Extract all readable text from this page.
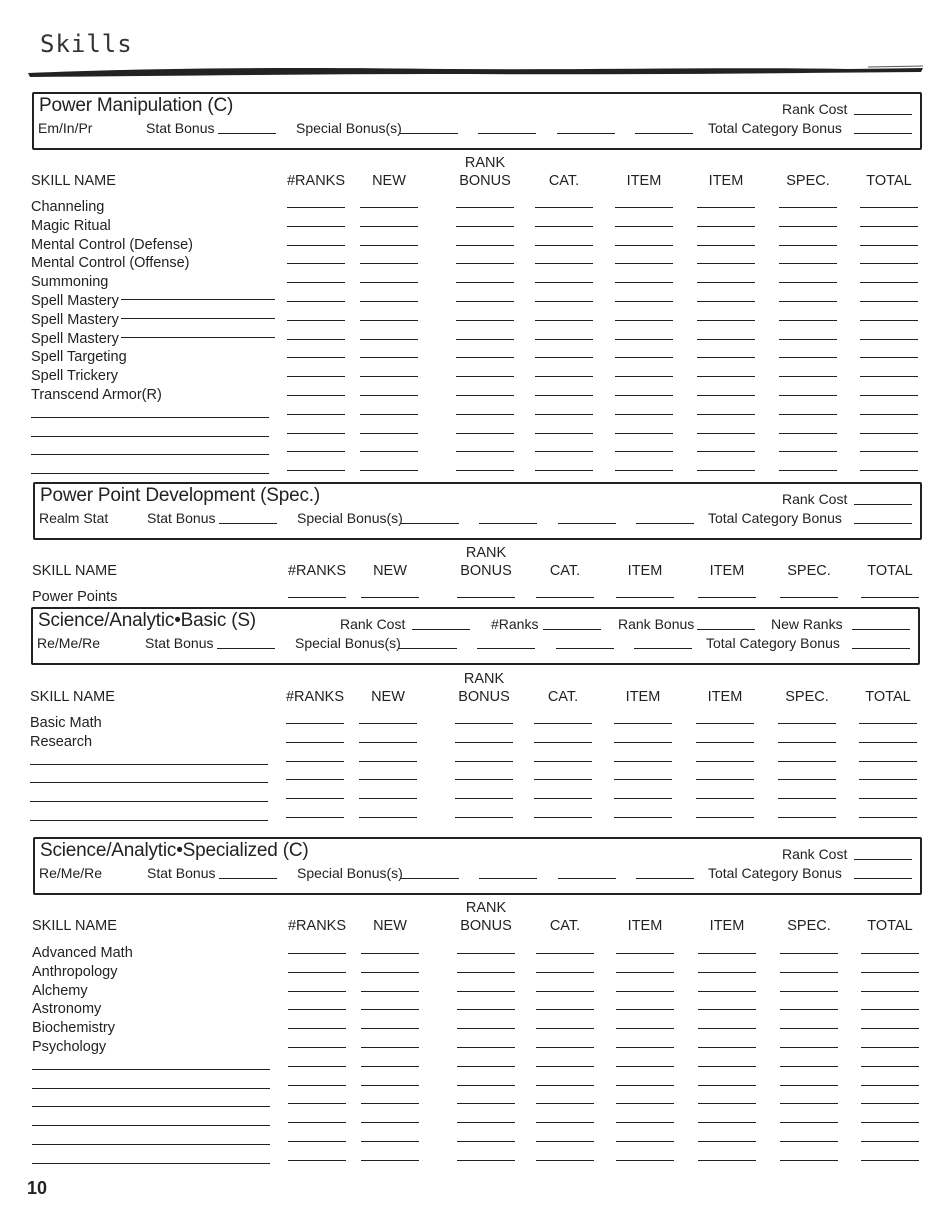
Skills
Power Manipulation (C)	Rank Cost
Em/In/Pr	Stat Bonus	Special Bonus(s)	Total Category Bonus
SKILL NAME	#RANKS	NEW
RANK
BONUS	CAT.	ITEM	ITEM	SPEC.	TOTAL
Channeling
Magic Ritual
Mental Control (Defense)
Mental Control (Offense)
Summoning
Spell Mastery
Spell Mastery
Spell Mastery
Spell Targeting
Spell Trickery
Transcend Armor(R)
Power Point Development (Spec.)	Rank Cost
Realm Stat	Stat Bonus	Special Bonus(s)	Total Category Bonus
SKILL NAME	#RANKS	NEW
RANK
BONUS	CAT.	ITEM	ITEM	SPEC.	TOTAL
Power Points
Science/Analytic•Basic (S)	Rank Cost	#Ranks	Rank Bonus	New Ranks
Re/Me/Re	Stat Bonus	Special Bonus(s)	Total Category Bonus
SKILL NAME	#RANKS	NEW
RANK
BONUS	CAT.	ITEM	ITEM	SPEC.	TOTAL
Basic Math
Research
Science/Analytic•Specialized (C)	Rank Cost
Re/Me/Re	Stat Bonus	Special Bonus(s)	Total Category Bonus
SKILL NAME	#RANKS	NEW
RANK
BONUS	CAT.	ITEM	ITEM	SPEC.	TOTAL
Advanced Math
Anthropology
Alchemy
Astronomy
Biochemistry
Psychology
10
